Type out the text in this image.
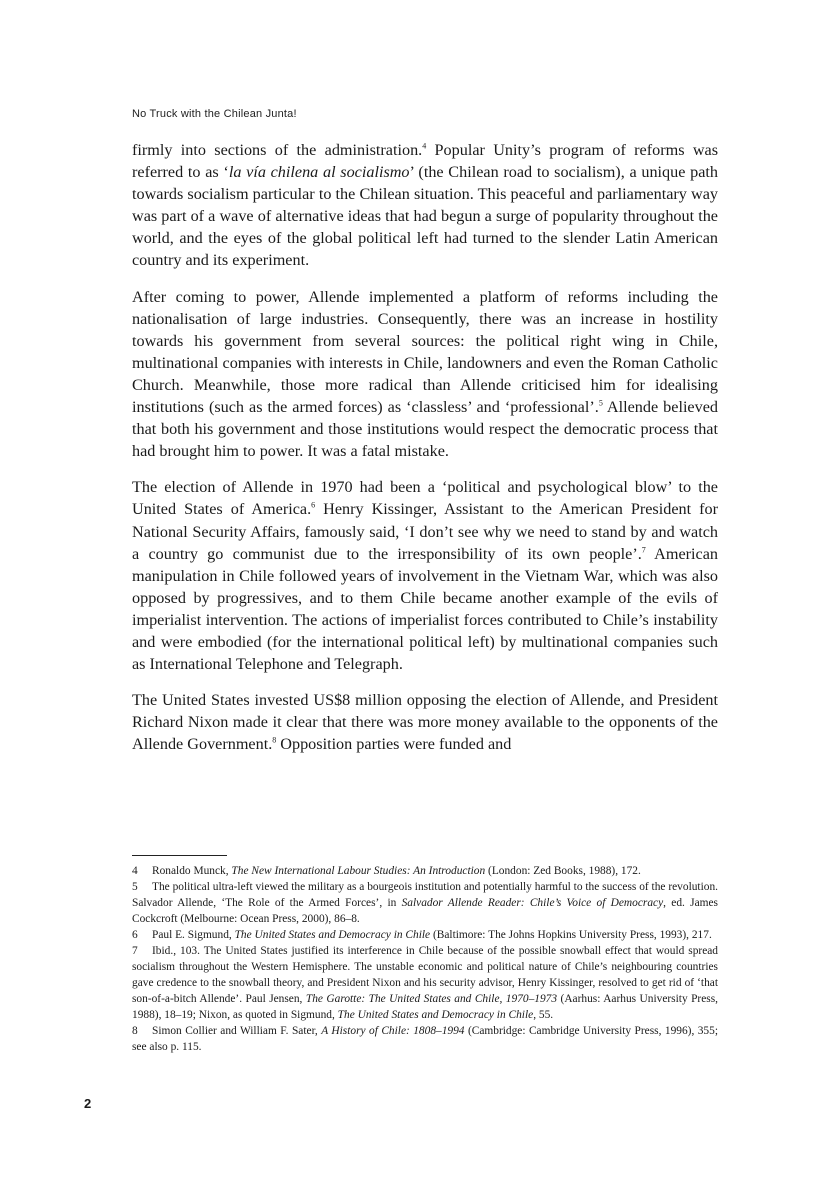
No Truck with the Chilean Junta!

firmly into sections of the administration.$^4$ Popular Unity’s program of reforms was referred to as ‘la vía chilena al socialismo’ (the Chilean road to socialism), a unique path towards socialism particular to the Chilean situation. This peaceful and parliamentary way was part of a wave of alternative ideas that had begun a surge of popularity throughout the world, and the eyes of the global political left had turned to the slender Latin American country and its experiment.

After coming to power, Allende implemented a platform of reforms including the nationalisation of large industries. Consequently, there was an increase in hostility towards his government from several sources: the political right wing in Chile, multinational companies with interests in Chile, landowners and even the Roman Catholic Church. Meanwhile, those more radical than Allende criticised him for idealising institutions (such as the armed forces) as ‘classless’ and ‘professional’.$^5$ Allende believed that both his government and those institutions would respect the democratic process that had brought him to power. It was a fatal mistake.

The election of Allende in 1970 had been a ‘political and psychological blow’ to the United States of America.$^6$ Henry Kissinger, Assistant to the American President for National Security Affairs, famously said, ‘I don’t see why we need to stand by and watch a country go communist due to the irresponsibility of its own people’.$^7$ American manipulation in Chile followed years of involvement in the Vietnam War, which was also opposed by progressives, and to them Chile became another example of the evils of imperialist intervention. The actions of imperialist forces contributed to Chile’s instability and were embodied (for the international political left) by multinational companies such as International Telephone and Telegraph.

The United States invested US$8 million opposing the election of Allende, and President Richard Nixon made it clear that there was more money available to the opponents of the Allende Government.$^8$ Opposition parties were funded and

4 Ronaldo Munck, The New International Labour Studies: An Introduction (London: Zed Books, 1988), 172.

5 The political ultra-left viewed the military as a bourgeois institution and potentially harmful to the success of the revolution. Salvador Allende, ‘The Role of the Armed Forces’, in Salvador Allende Reader: Chile’s Voice of Democracy, ed. James Cockcroft (Melbourne: Ocean Press, 2000), 86–8.

6 Paul E. Sigmund, The United States and Democracy in Chile (Baltimore: The Johns Hopkins University Press, 1993), 217.

7 Ibid., 103. The United States justified its interference in Chile because of the possible snowball effect that would spread socialism throughout the Western Hemisphere. The unstable economic and political nature of Chile’s neighbouring countries gave credence to the snowball theory, and President Nixon and his security advisor, Henry Kissinger, resolved to get rid of ‘that son-of-a-bitch Allende’. Paul Jensen, The Garotte: The United States and Chile, 1970–1973 (Aarhus: Aarhus University Press, 1988), 18–19; Nixon, as quoted in Sigmund, The United States and Democracy in Chile, 55.

8 Simon Collier and William F. Sater, A History of Chile: 1808–1994 (Cambridge: Cambridge University Press, 1996), 355; see also p. 115.

2
